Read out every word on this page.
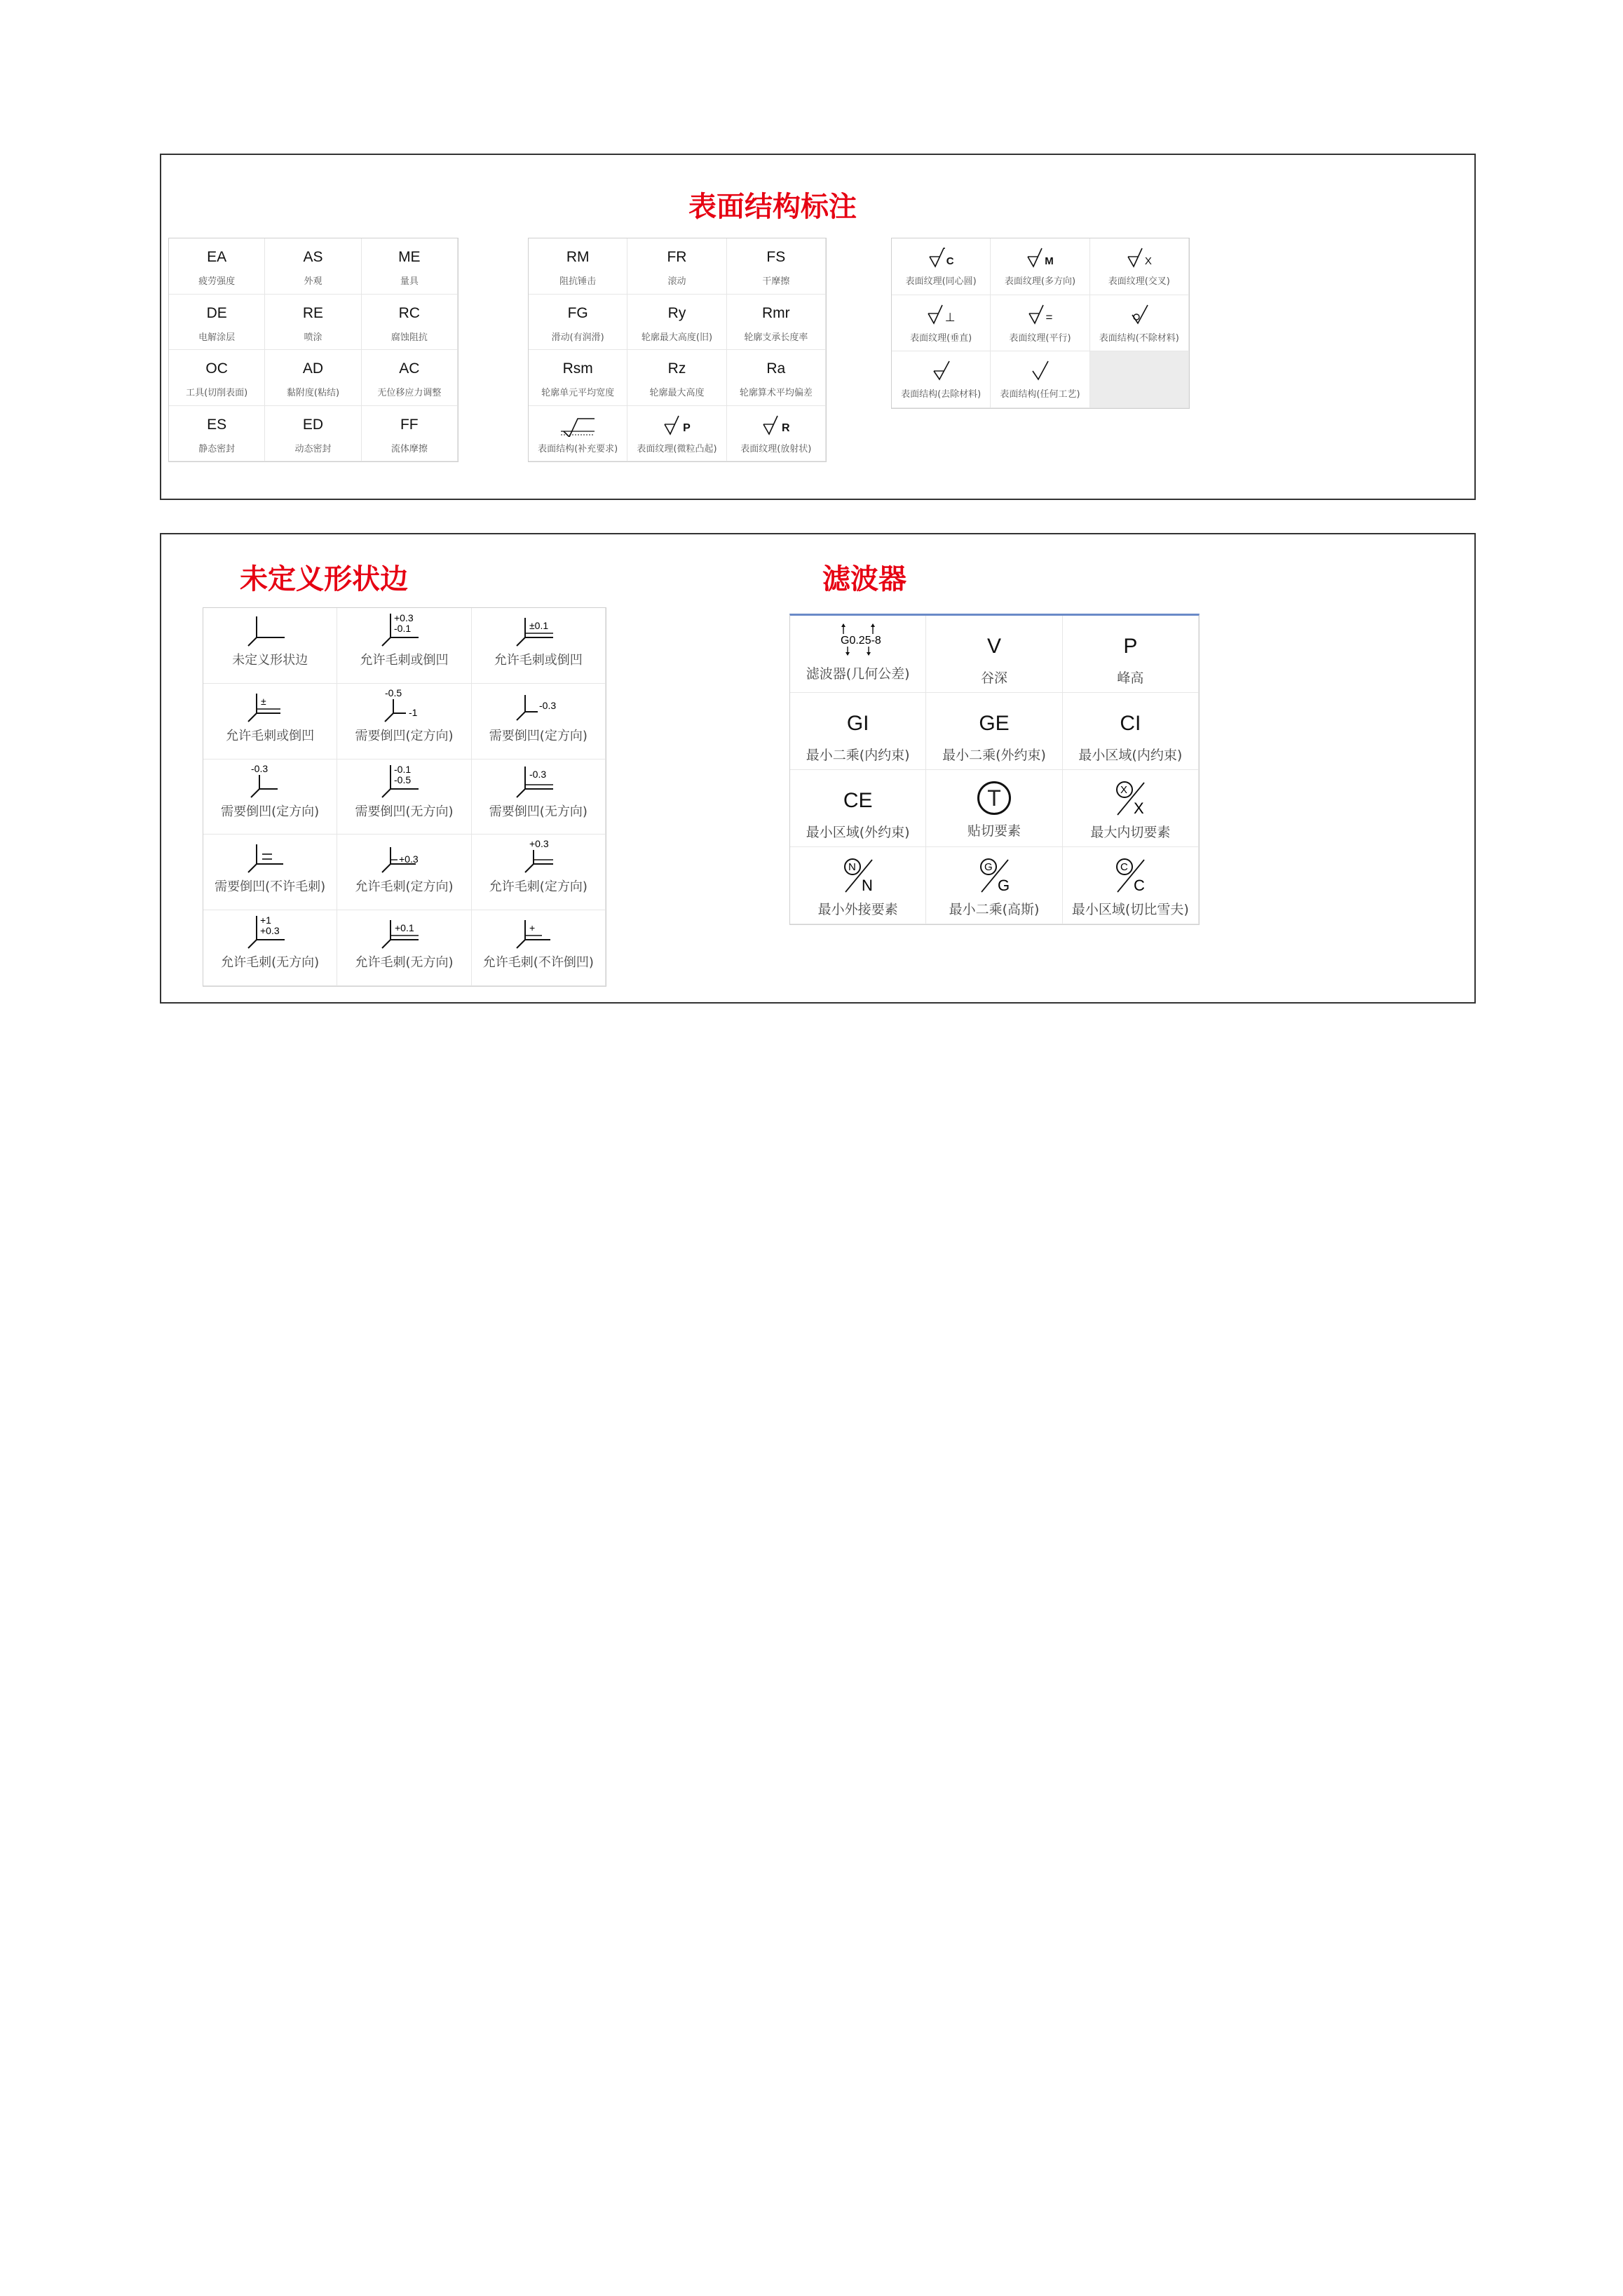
表面结构标注
EA
疲劳强度
AS
外观
ME
量具
DE
电解涂层
RE
喷涂
RC
腐蚀阻抗
OC
工具(切削表面)
AD
黏附度(粘结)
AC
无位移应力调整
ES
静态密封
ED
动态密封
FF
流体摩擦
RM
阻抗锤击
FR
滚动
FS
干摩擦
FG
滑动(有润滑)
Ry
轮廓最大高度(旧)
Rmr
轮廓支承长度率
Rsm
轮廓单元平均宽度
Rz
轮廓最大高度
Ra
轮廓算术平均偏差
表面结构(补充要求)
P
表面纹理(微粒凸起)
R
表面纹理(放射状)
C
表面纹理(同心圆)
M
表面纹理(多方向)
X
表面纹理(交叉)
⊥
表面纹理(垂直)
=
表面纹理(平行)	表面结构(不除材料)
表面结构(去除材料) 表面结构(任何工艺)
未定义形状边	滤波器
未定义形状边
+0.3
-0.1
允许毛刺或倒凹
±0.1
允许毛刺或倒凹
±
允许毛刺或倒凹
-0.5
-1
需要倒凹(定方向)
-0.3
需要倒凹(定方向)
-0.3
需要倒凹(定方向)
-0.1
-0.5
需要倒凹(无方向)
-0.3
需要倒凹(无方向)
需要倒凹(不许毛刺)
+0.3
允许毛刺(定方向)
+0.3
允许毛刺(定方向)
+1
+0.3
允许毛刺(无方向)
+0.1
允许毛刺(无方向)
+
允许毛刺(不许倒凹)
G0.25-8
滤波器(几何公差)
V
谷深
P
峰高
GI
最小二乘(内约束)
GE
最小二乘(外约束)
CI
最小区域(内约束)
CE
最小区域(外约束)
T
贴切要素
X
X
最大内切要素
N
N
最小外接要素
G
G
最小二乘(高斯)
C
C
最小区域(切比雪夫)
